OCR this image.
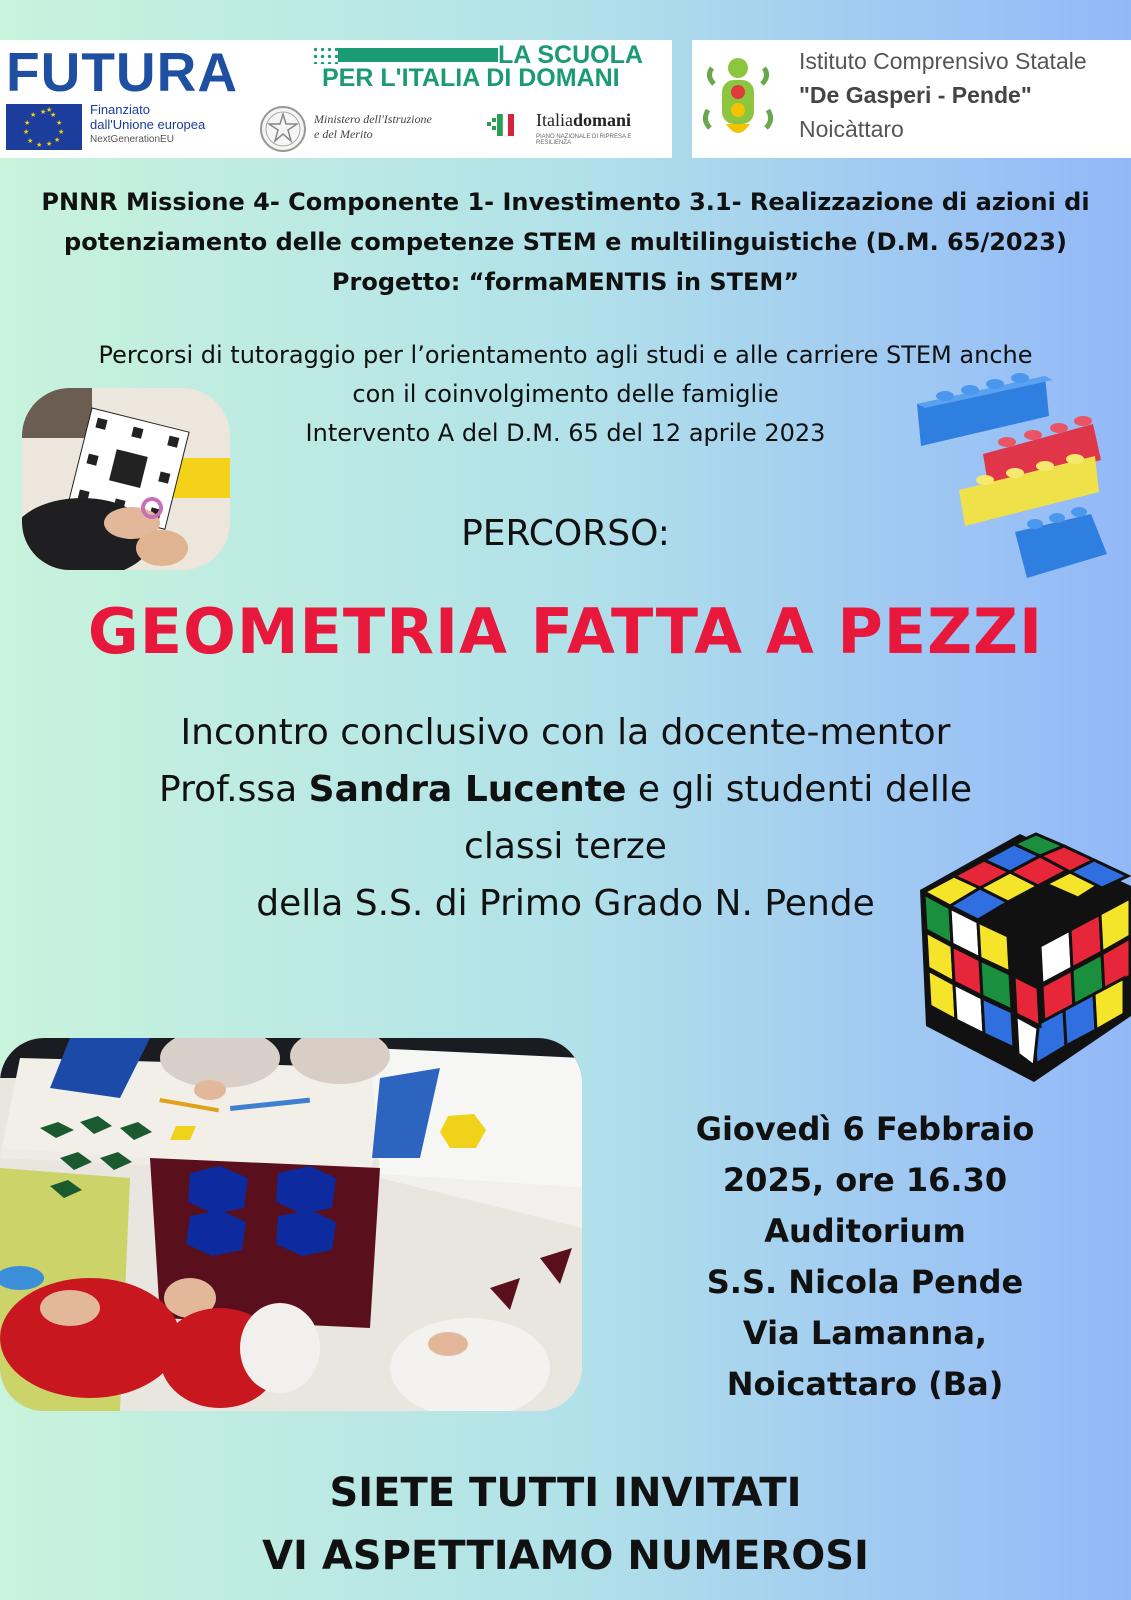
FUTURA	LA SCUOLA
PER L'ITALIA DI DOMANI
★ ★
★
★
★
★
★
★
★
★
★
★	Finanziato
dall'Unione europea
NextGenerationEU
Ministero dell'Istruzione
e del Merito
Italiadomani
PIANO NAZIONALE DI RIPRESA E RESILIENZA
Istituto Comprensivo Statale
"De Gasperi - Pende"
Noicàttaro
PNNR Missione 4- Componente 1- Investimento 3.1- Realizzazione di azioni di
potenziamento delle competenze STEM e multilinguistiche (D.M. 65/2023)
Progetto: “formaMENTIS in STEM”
Percorsi di tutoraggio per l’orientamento agli studi e alle carriere STEM anche
con il coinvolgimento delle famiglie
Intervento A del D.M. 65 del 12 aprile 2023
PERCORSO:
GEOMETRIA FATTA A PEZZI
Incontro conclusivo con la docente-mentor
Prof.ssa Sandra Lucente e gli studenti delle
classi terze
della S.S. di Primo Grado N. Pende
Giovedì 6 Febbraio
2025, ore 16.30
Auditorium
S.S. Nicola Pende
Via Lamanna,
Noicattaro (Ba)
SIETE TUTTI INVITATI
VI ASPETTIAMO NUMEROSI
